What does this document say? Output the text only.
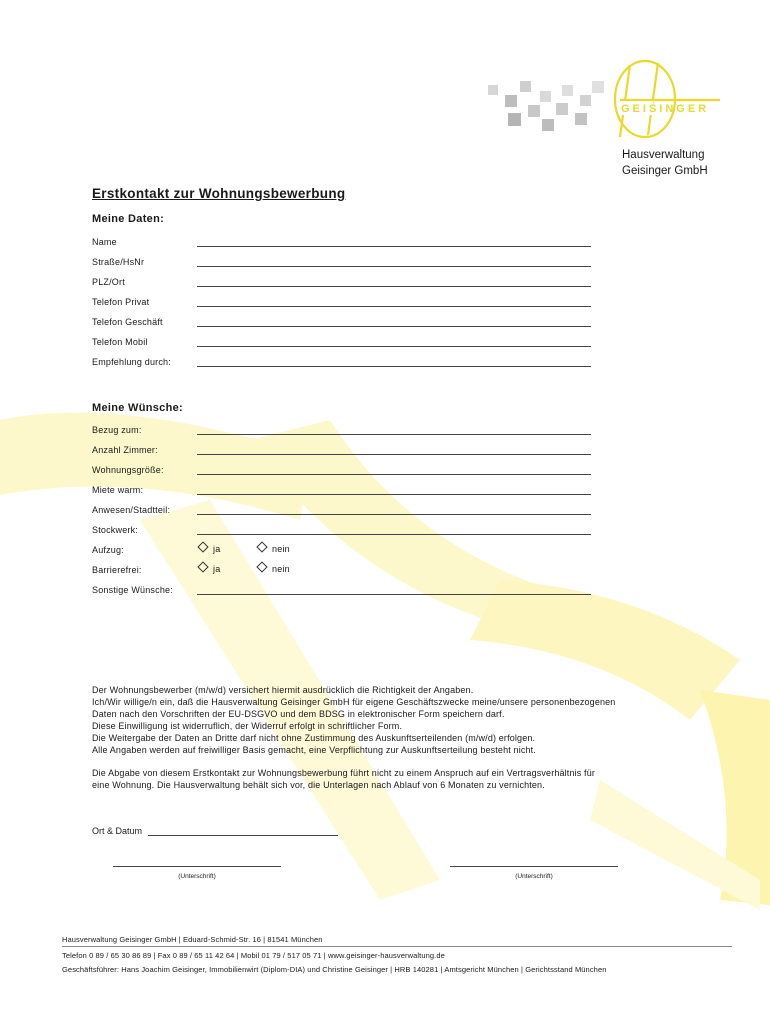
GEISINGER
Hausverwaltung
Geisinger GmbH
Erstkontakt zur Wohnungsbewerbung
Meine Daten:
Name
Straße/HsNr
PLZ/Ort
Telefon Privat
Telefon Geschäft
Telefon Mobil
Empfehlung durch:
Meine Wünsche:
Bezug zum:
Anzahl Zimmer:
Wohnungsgröße:
Miete warm:
Anwesen/Stadtteil:
Stockwerk:
Aufzug:	ja	nein
Barrierefrei:	ja	nein
Sonstige Wünsche:
Der Wohnungsbewerber (m/w/d) versichert hiermit ausdrücklich die Richtigkeit der Angaben.
Ich/Wir willige/n ein, daß die Hausverwaltung Geisinger GmbH für eigene Geschäftszwecke meine/unsere personenbezogenen
Daten nach den Vorschriften der EU-DSGVO und dem BDSG in elektronischer Form speichern darf.
Diese Einwilligung ist widerruflich, der Widerruf erfolgt in schriftlicher Form.
Die Weitergabe der Daten an Dritte darf nicht ohne Zustimmung des Auskunftserteilenden (m/w/d) erfolgen.
Alle Angaben werden auf freiwilliger Basis gemacht, eine Verpflichtung zur Auskunftserteilung besteht nicht.
Die Abgabe von diesem Erstkontakt zur Wohnungsbewerbung führt nicht zu einem Anspruch auf ein Vertragsverhältnis für
eine Wohnung. Die Hausverwaltung behält sich vor, die Unterlagen nach Ablauf von 6 Monaten zu vernichten.
Ort & Datum
(Unterschrift)	(Unterschrift)
Hausverwaltung Geisinger GmbH | Eduard-Schmid-Str. 16 | 81541 München
Telefon 0 89 / 65 30 86 89 | Fax 0 89 / 65 11 42 64 | Mobil 01 79 / 517 05 71 | www.geisinger-hausverwaltung.de
Geschäftsführer: Hans Joachim Geisinger, Immobilienwirt (Diplom-DIA) und Christine Geisinger | HRB 140281 | Amtsgericht München | Gerichtsstand München
